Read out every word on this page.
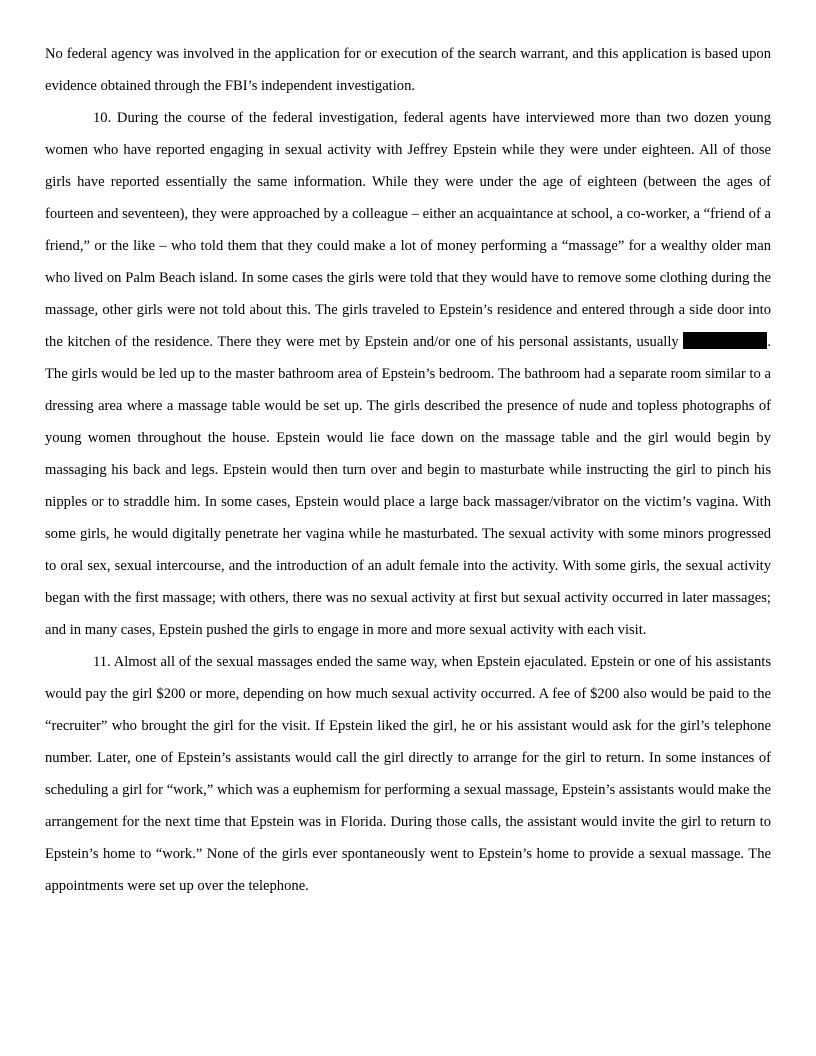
No federal agency was involved in the application for or execution of the search warrant, and this application is based upon evidence obtained through the FBI’s independent investigation.

10. During the course of the federal investigation, federal agents have interviewed more than two dozen young women who have reported engaging in sexual activity with Jeffrey Epstein while they were under eighteen. All of those girls have reported essentially the same information. While they were under the age of eighteen (between the ages of fourteen and seventeen), they were approached by a colleague – either an acquaintance at school, a co-worker, a “friend of a friend,” or the like – who told them that they could make a lot of money performing a “massage” for a wealthy older man who lived on Palm Beach island. In some cases the girls were told that they would have to remove some clothing during the massage, other girls were not told about this. The girls traveled to Epstein’s residence and entered through a side door into the kitchen of the residence. There they were met by Epstein and/or one of his personal assistants, usually	. The girls would be led up to the master bathroom area of Epstein’s bedroom. The bathroom had a separate room similar to a dressing area where a massage table would be set up. The girls described the presence of nude and topless photographs of young women throughout the house. Epstein would lie face down on the massage table and the girl would begin by massaging his back and legs. Epstein would then turn over and begin to masturbate while instructing the girl to pinch his nipples or to straddle him. In some cases, Epstein would place a large back massager/vibrator on the victim’s vagina. With some girls, he would digitally penetrate her vagina while he masturbated. The sexual activity with some minors progressed to oral sex, sexual intercourse, and the introduction of an adult female into the activity. With some girls, the sexual activity began with the first massage; with others, there was no sexual activity at first but sexual activity occurred in later massages; and in many cases, Epstein pushed the girls to engage in more and more sexual activity with each visit.

11. Almost all of the sexual massages ended the same way, when Epstein ejaculated. Epstein or one of his assistants would pay the girl $200 or more, depending on how much sexual activity occurred. A fee of $200 also would be paid to the “recruiter” who brought the girl for the visit. If Epstein liked the girl, he or his assistant would ask for the girl’s telephone number. Later, one of Epstein’s assistants would call the girl directly to arrange for the girl to return. In some instances of scheduling a girl for “work,” which was a euphemism for performing a sexual massage, Epstein’s assistants would make the arrangement for the next time that Epstein was in Florida. During those calls, the assistant would invite the girl to return to Epstein’s home to “work.” None of the girls ever spontaneously went to Epstein’s home to provide a sexual massage. The appointments were set up over the telephone.
